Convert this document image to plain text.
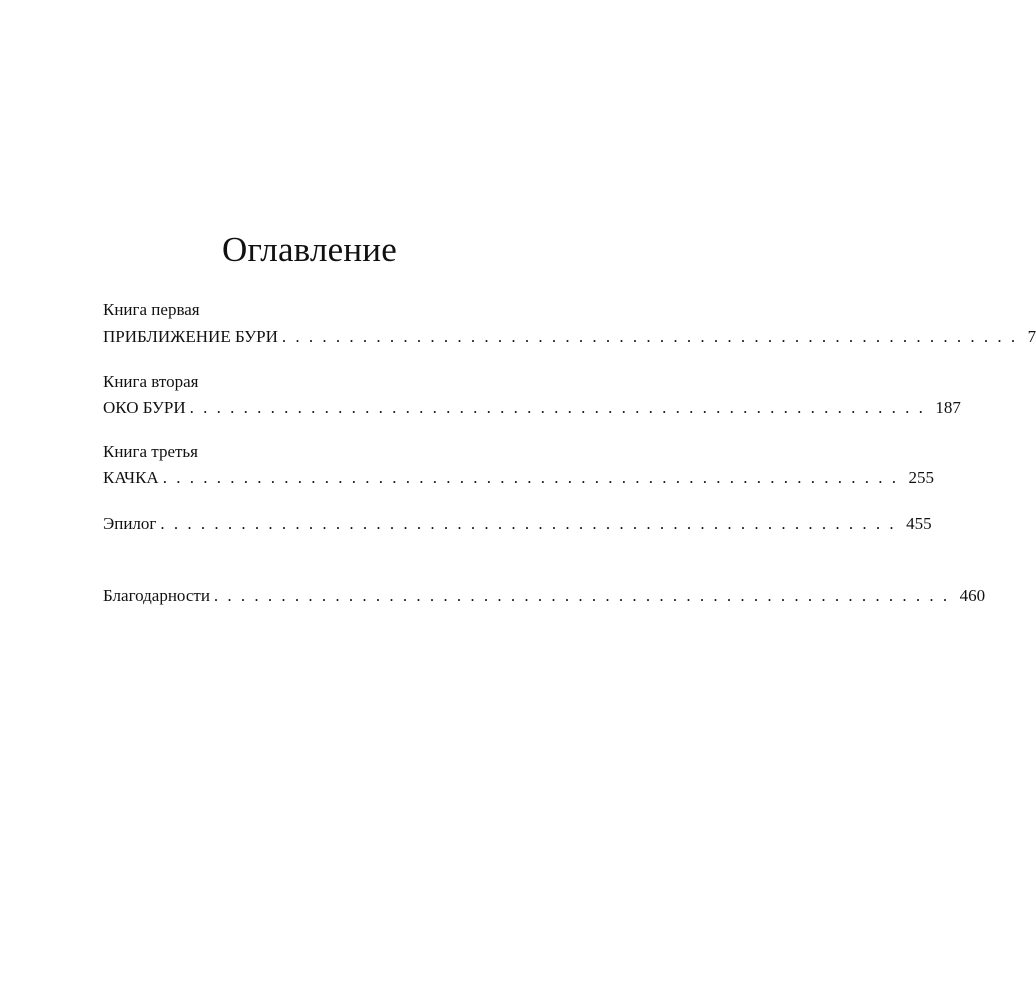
Оглавление
Книга первая
ПРИБЛИЖЕНИЕ БУРИ . . . . . . . . . . . . . . . . . . . . . . . . . . . . . . . . . . . . . . . . . . . . . . . . . . . . . . . 7
Книга вторая
ОКО БУРИ . . . . . . . . . . . . . . . . . . . . . . . . . . . . . . . . . . . . . . . . . . . . . . . . . . . . . . . 187
Книга третья
КАЧКА . . . . . . . . . . . . . . . . . . . . . . . . . . . . . . . . . . . . . . . . . . . . . . . . . . . . . . . 255
Эпилог . . . . . . . . . . . . . . . . . . . . . . . . . . . . . . . . . . . . . . . . . . . . . . . . . . . . . . . 455
Благодарности . . . . . . . . . . . . . . . . . . . . . . . . . . . . . . . . . . . . . . . . . . . . . . . . . . . . . . . 460
